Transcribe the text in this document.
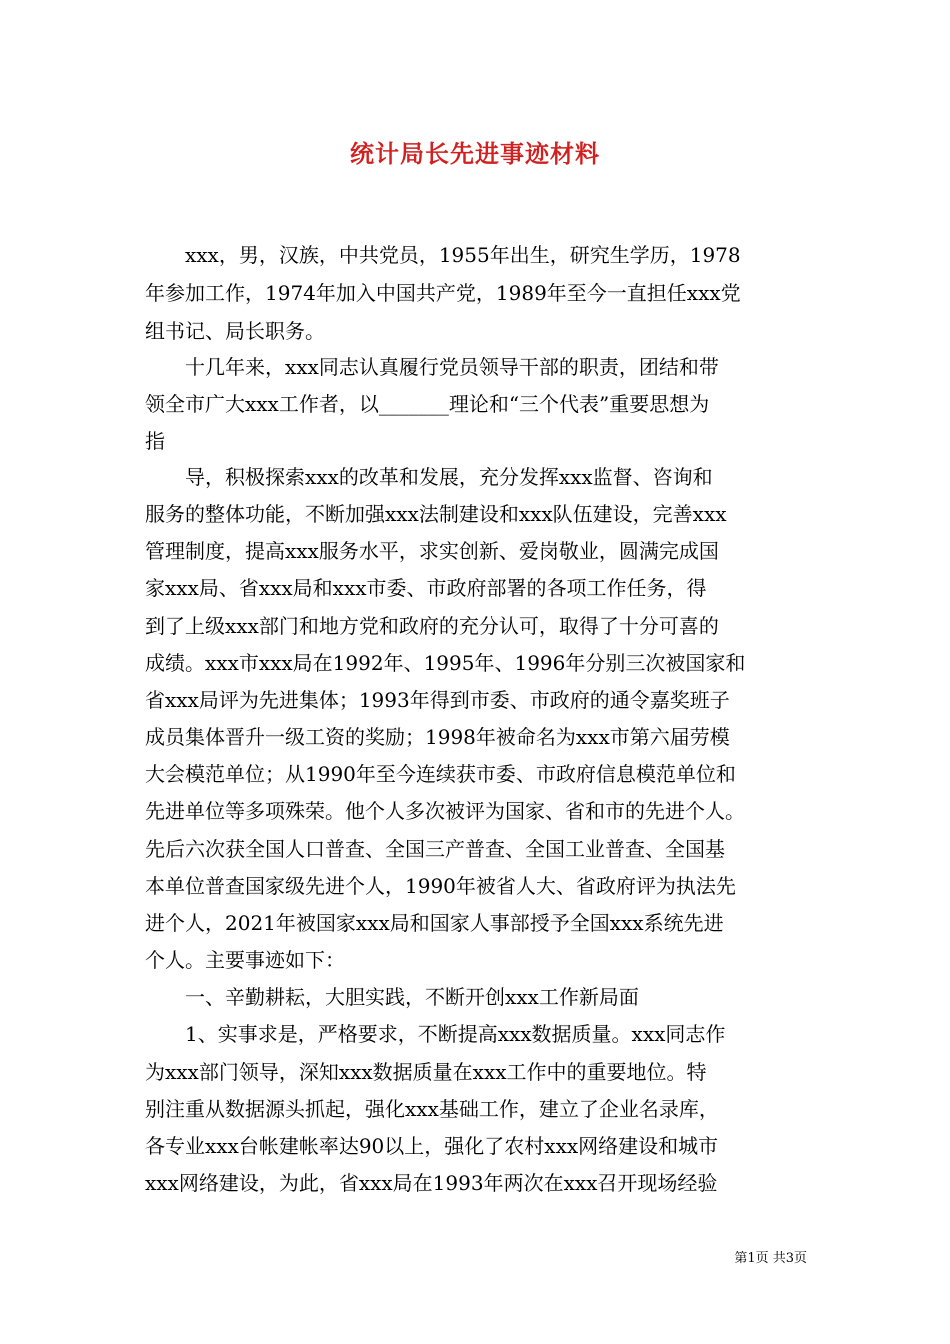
统计局长先进事迹材料
　　xxx，男，汉族，中共党员，1955年出生，研究生学历，1978
年参加工作，1974年加入中国共产党，1989年至今一直担任xxx党
组书记、局长职务。
　　十几年来，xxx同志认真履行党员领导干部的职责，团结和带
领全市广大xxx工作者，以_______理论和“三个代表”重要思想为
指
　　导，积极探索xxx的改革和发展，充分发挥xxx监督、咨询和
服务的整体功能，不断加强xxx法制建设和xxx队伍建设，完善xxx
管理制度，提高xxx服务水平，求实创新、爱岗敬业，圆满完成国
家xxx局、省xxx局和xxx市委、市政府部署的各项工作任务，得
到了上级xxx部门和地方党和政府的充分认可，取得了十分可喜的
成绩。xxx市xxx局在1992年、1995年、1996年分别三次被国家和
省xxx局评为先进集体；1993年得到市委、市政府的通令嘉奖班子
成员集体晋升一级工资的奖励；1998年被命名为xxx市第六届劳模
大会模范单位；从1990年至今连续获市委、市政府信息模范单位和
先进单位等多项殊荣。他个人多次被评为国家、省和市的先进个人。
先后六次获全国人口普查、全国三产普查、全国工业普查、全国基
本单位普查国家级先进个人，1990年被省人大、省政府评为执法先
进个人，2021年被国家xxx局和国家人事部授予全国xxx系统先进
个人。主要事迹如下：
　　一、辛勤耕耘，大胆实践，不断开创xxx工作新局面
　　1、实事求是，严格要求，不断提高xxx数据质量。xxx同志作
为xxx部门领导，深知xxx数据质量在xxx工作中的重要地位。特
别注重从数据源头抓起，强化xxx基础工作，建立了企业名录库，
各专业xxx台帐建帐率达90以上，强化了农村xxx网络建设和城市
xxx网络建设，为此，省xxx局在1993年两次在xxx召开现场经验
第1页 共3页
